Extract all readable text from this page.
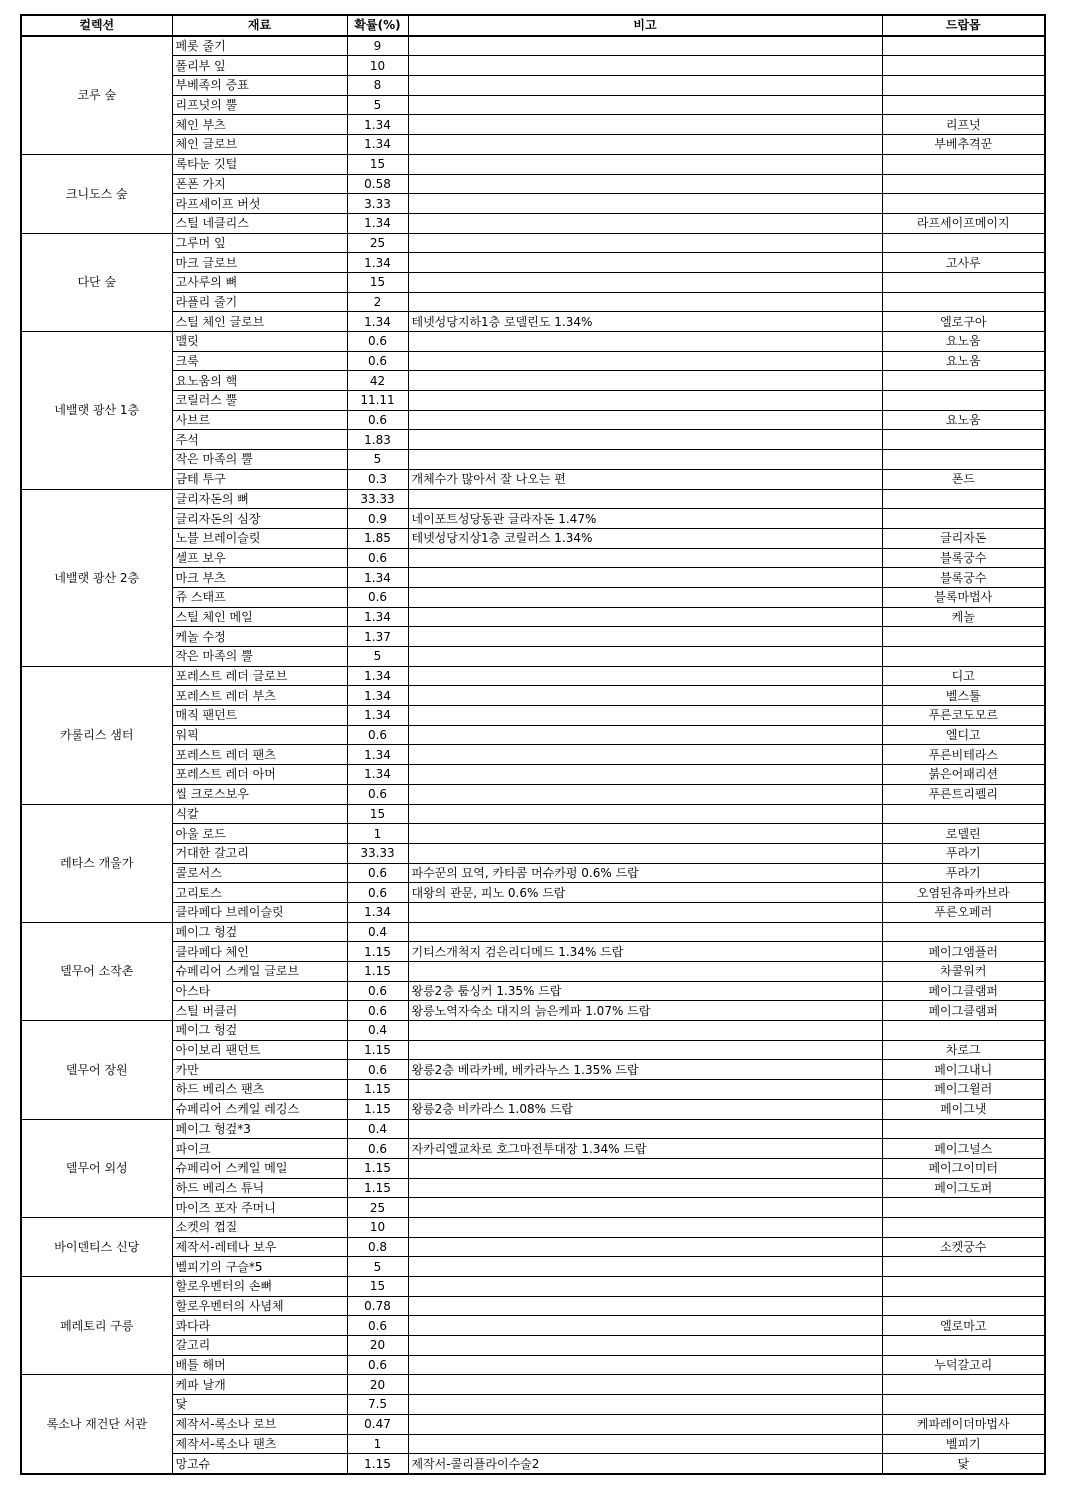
컬렉션	재료	확률(%)	비고	드랍몹
코루 숲	페롯 줄기	9		
	폴리부 잎	10		
	부베족의 증표	8		
	리프넛의 뿔	5		
	체인 부츠	1.34		리프넛
	체인 글로브	1.34		부베추격꾼
크니도스 숲	록타눈 깃털	15		
	폰폰 가지	0.58		
	라프세이프 버섯	3.33		
	스틸 네클리스	1.34		라프세이프메이지
다단 숲	그루머 잎	25		
	마크 글로브	1.34		고사루
	고사루의 뼈	15		
	라플리 줄기	2		
	스틸 체인 글로브	1.34	테넷성당지하1층 로델린도 1.34%	엘로구아
네밸랫 광산 1층	맬릿	0.6		요노움
	크룩	0.6		요노움
	요노움의 핵	42		
	코릴러스 뿔	11.11		
	사브르	0.6		요노움
	주석	1.83		
	작은 마족의 뿔	5		
	금테 투구	0.3	개체수가 많아서 잘 나오는 편	폰드
네밸랫 광산 2층	글리자돈의 뼈	33.33		
	글리자돈의 심장	0.9	네이포트성당동관 글라자돈 1.47%	
	노블 브레이슬릿	1.85	테넷성당지상1층 코릴러스 1.34%	글리자돈
	셀프 보우	0.6		블록궁수
	마크 부츠	1.34		블록궁수
	쥬 스태프	0.6		블록마법사
	스틸 체인 메일	1.34		케놀
	케놀 수정	1.37		
	작은 마족의 뿔	5		
카룰리스 샘터	포레스트 레더 글로브	1.34		디고
	포레스트 레더 부츠	1.34		벨스툴
	매직 팬던트	1.34		푸른코도모르
	워픽	0.6		엘디고
	포레스트 레더 팬츠	1.34		푸른비테라스
	포레스트 레더 아머	1.34		붉은어패리션
	씰 크로스보우	0.6		푸른트리펠리
레타스 개울가	식칼	15		
	아울 로드	1		로델린
	거대한 갈고리	33.33		푸라기
	콜로서스	0.6	파수꾼의 묘역, 카타콤 머슈카펑 0.6% 드랍	푸라기
	고리토스	0.6	대왕의 관문, 피노 0.6% 드랍	오염된츄파카브라
	클라페다 브레이슬릿	1.34		푸른오페러
델무어 소작촌	페이그 헝겊	0.4		
	클라페다 체인	1.15	기티스개척지 검은리디메드 1.34% 드랍	페이그앰플러
	슈페리어 스케일 글로브	1.15		차콜워커
	아스타	0.6	왕릉2층 툼싱커 1.35% 드랍	페이그클램퍼
	스틸 버클러	0.6	왕릉노역자숙소 대지의 늙은케파 1.07% 드랍	페이그클램퍼
델무어 장원	페이그 헝겊	0.4		
	아이보리 팬던트	1.15		차로그
	카만	0.6	왕릉2층 베라카베, 베카라누스 1.35% 드랍	페이그내니
	하드 베리스 팬츠	1.15		페이그윌러
	슈페리어 스케일 레깅스	1.15	왕릉2층 비카라스 1.08% 드랍	페이그냇
델무어 외성	페이그 헝겊*3	0.4		
	파이크	0.6	자카리엘교차로 호그마전투대장 1.34% 드랍	페이그널스
	슈페리어 스케일 메일	1.15		페이그이미터
	하드 베리스 튜닉	1.15		페이그도퍼
	마이즈 포자 주머니	25		
바이덴티스 신당	소켓의 껍질	10		
	제작서-레테나 보우	0.8		소켓궁수
	벨피기의 구슬*5	5		
페레토리 구릉	할로우벤터의 손뼈	15		
	할로우벤터의 사념체	0.78		
	콰다라	0.6		엘로마고
	갈고리	20		
	배틀 해머	0.6		누덕갈고리
록소나 재건단 서관	케파 날개	20		
	닻	7.5		
	제작서-록소나 로브	0.47		케파레이더마법사
	제작서-록소나 팬츠	1		벨피기
	망고슈	1.15	제작서-콜리플라이수술2	닻
